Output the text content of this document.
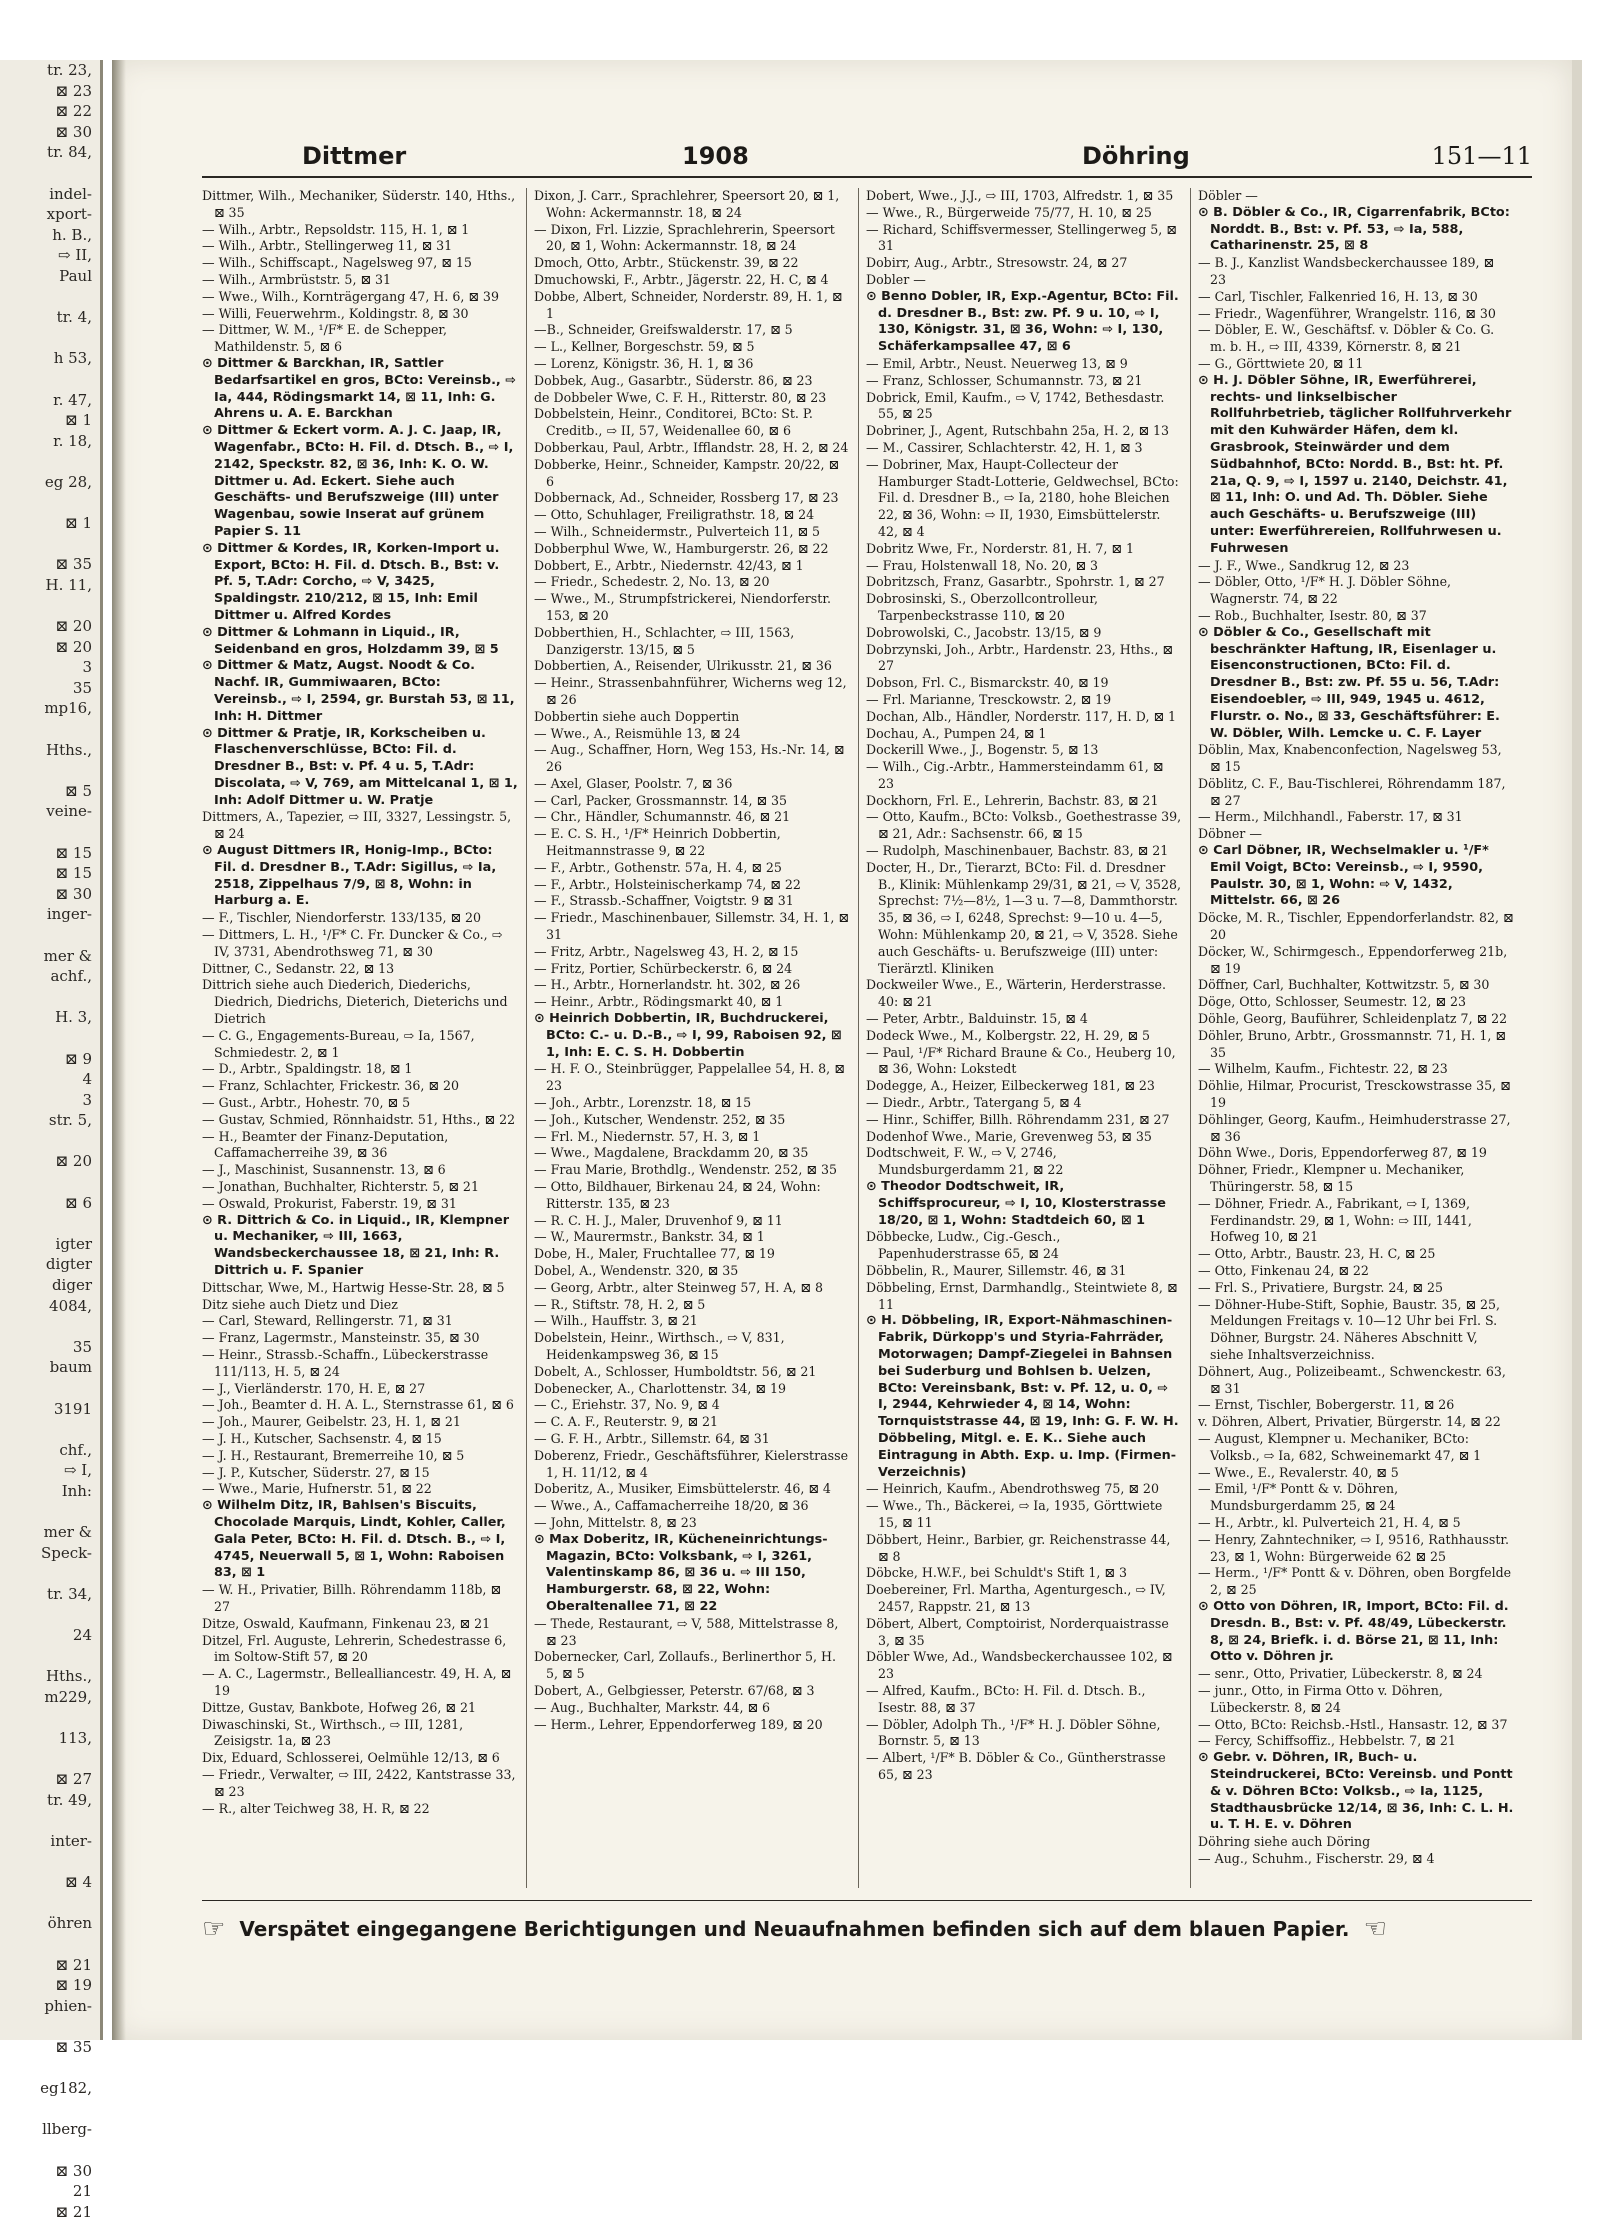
tr. 23,
⊠ 23
⊠ 22
⊠ 30
tr. 84,

indel-
xport-
h. B.,
⇨ II,
Paul

tr. 4,

h 53,

r. 47,
⊠ 1
r. 18,

eg 28,

⊠ 1

⊠ 35
H. 11,

⊠ 20
⊠ 20
3
35
mp16,

Hths.,

⊠ 5
veine-

⊠ 15
⊠ 15
⊠ 30
inger-

mer &
achf.,

H. 3,

⊠ 9
4
3
str. 5,

⊠ 20

⊠ 6

igter
digter
diger
4084,

35
baum

3191

chf.,
⇨ I,
Inh:

mer &
Speck-

tr. 34,

24

Hths.,
m229,

113,

⊠ 27
tr. 49,

inter-

⊠ 4

öhren

⊠ 21
⊠ 19
phien-

⊠ 35

eg182,

llberg-

⊠ 30
21
⊠ 21
Dittmer	1908	Döhring	151—11

Dittmer, Wilh., Mechaniker, Süderstr. 140, Hths., ⊠ 35

— Wilh., Arbtr., Repsoldstr. 115, H. 1, ⊠ 1

— Wilh., Arbtr., Stellingerweg 11, ⊠ 31

— Wilh., Schiffscapt., Nagelsweg 97, ⊠ 15

— Wilh., Armbrüststr. 5, ⊠ 31

— Wwe., Wilh., Kornträgergang 47, H. 6, ⊠ 39

— Willi, Feuerwehrm., Koldingstr. 8, ⊠ 30

— Dittmer, W. M., ¹/F* E. de Schepper, Mathildenstr. 5, ⊠ 6

⊙ Dittmer & Barckhan, IR, Sattler Bedarfsartikel en gros, BCto: Vereinsb., ⇨ Ia, 444, Rödingsmarkt 14, ⊠ 11, Inh: G. Ahrens u. A. E. Barckhan

⊙ Dittmer & Eckert vorm. A. J. C. Jaap, IR, Wagenfabr., BCto: H. Fil. d. Dtsch. B., ⇨ I, 2142, Speckstr. 82, ⊠ 36, Inh: K. O. W. Dittmer u. Ad. Eckert. Siehe auch Geschäfts- und Berufszweige (III) unter Wagenbau, sowie Inserat auf grünem Papier S. 11

⊙ Dittmer & Kordes, IR, Korken-Import u. Export, BCto: H. Fil. d. Dtsch. B., Bst: v. Pf. 5, T.Adr: Corcho, ⇨ V, 3425, Spaldingstr. 210/212, ⊠ 15, Inh: Emil Dittmer u. Alfred Kordes

⊙ Dittmer & Lohmann in Liquid., IR, Seidenband en gros, Holzdamm 39, ⊠ 5

⊙ Dittmer & Matz, Augst. Noodt & Co. Nachf. IR, Gummiwaaren, BCto: Vereinsb., ⇨ I, 2594, gr. Burstah 53, ⊠ 11, Inh: H. Dittmer

⊙ Dittmer & Pratje, IR, Korkscheiben u. Flaschenverschlüsse, BCto: Fil. d. Dresdner B., Bst: v. Pf. 4 u. 5, T.Adr: Discolata, ⇨ V, 769, am Mittelcanal 1, ⊠ 1, Inh: Adolf Dittmer u. W. Pratje

Dittmers, A., Tapezier, ⇨ III, 3327, Lessingstr. 5, ⊠ 24

⊙ August Dittmers IR, Honig-Imp., BCto: Fil. d. Dresdner B., T.Adr: Sigillus, ⇨ Ia, 2518, Zippelhaus 7/9, ⊠ 8, Wohn: in Harburg a. E.

— F., Tischler, Niendorferstr. 133/135, ⊠ 20

— Dittmers, L. H., ¹/F* C. Fr. Duncker & Co., ⇨ IV, 3731, Abendrothsweg 71, ⊠ 30

Dittner, C., Sedanstr. 22, ⊠ 13

Dittrich siehe auch Diederich, Diederichs, Diedrich, Diedrichs, Dieterich, Dieterichs und Dietrich

— C. G., Engagements-Bureau, ⇨ Ia, 1567, Schmiedestr. 2, ⊠ 1

— D., Arbtr., Spaldingstr. 18, ⊠ 1

— Franz, Schlachter, Frickestr. 36, ⊠ 20

— Gust., Arbtr., Hohestr. 70, ⊠ 5

— Gustav, Schmied, Rönnhaidstr. 51, Hths., ⊠ 22

— H., Beamter der Finanz-Deputation, Caffamacherreihe 39, ⊠ 36

— J., Maschinist, Susannenstr. 13, ⊠ 6

— Jonathan, Buchhalter, Richterstr. 5, ⊠ 21

— Oswald, Prokurist, Faberstr. 19, ⊠ 31

⊙ R. Dittrich & Co. in Liquid., IR, Klempner u. Mechaniker, ⇨ III, 1663, Wandsbeckerchaussee 18, ⊠ 21, Inh: R. Dittrich u. F. Spanier

Dittschar, Wwe, M., Hartwig Hesse-Str. 28, ⊠ 5

Ditz siehe auch Dietz und Diez

— Carl, Steward, Rellingerstr. 71, ⊠ 31

— Franz, Lagermstr., Mansteinstr. 35, ⊠ 30

— Heinr., Strassb.-Schaffn., Lübeckerstrasse 111/113, H. 5, ⊠ 24

— J., Vierländerstr. 170, H. E, ⊠ 27

— Joh., Beamter d. H. A. L., Sternstrasse 61, ⊠ 6

— Joh., Maurer, Geibelstr. 23, H. 1, ⊠ 21

— J. H., Kutscher, Sachsenstr. 4, ⊠ 15

— J. H., Restaurant, Bremerreihe 10, ⊠ 5

— J. P., Kutscher, Süderstr. 27, ⊠ 15

— Wwe., Marie, Hufnerstr. 51, ⊠ 22

⊙ Wilhelm Ditz, IR, Bahlsen's Biscuits, Chocolade Marquis, Lindt, Kohler, Caller, Gala Peter, BCto: H. Fil. d. Dtsch. B., ⇨ I, 4745, Neuerwall 5, ⊠ 1, Wohn: Raboisen 83, ⊠ 1

— W. H., Privatier, Billh. Röhrendamm 118b, ⊠ 27

Ditze, Oswald, Kaufmann, Finkenau 23, ⊠ 21

Ditzel, Frl. Auguste, Lehrerin, Schedestrasse 6, im Soltow-Stift 57, ⊠ 20

— A. C., Lagermstr., Bellealliancestr. 49, H. A, ⊠ 19

Dittze, Gustav, Bankbote, Hofweg 26, ⊠ 21

Diwaschinski, St., Wirthsch., ⇨ III, 1281, Zeisigstr. 1a, ⊠ 23

Dix, Eduard, Schlosserei, Oelmühle 12/13, ⊠ 6

— Friedr., Verwalter, ⇨ III, 2422, Kantstrasse 33, ⊠ 23

— R., alter Teichweg 38, H. R, ⊠ 22

Dixon, J. Carr., Sprachlehrer, Speersort 20, ⊠ 1, Wohn: Ackermannstr. 18, ⊠ 24

— Dixon, Frl. Lizzie, Sprachlehrerin, Speersort 20, ⊠ 1, Wohn: Ackermannstr. 18, ⊠ 24

Dmoch, Otto, Arbtr., Stückenstr. 39, ⊠ 22

Dmuchowski, F., Arbtr., Jägerstr. 22, H. C, ⊠ 4

Dobbe, Albert, Schneider, Norderstr. 89, H. 1, ⊠ 1

—B., Schneider, Greifswalderstr. 17, ⊠ 5

— L., Kellner, Borgeschstr. 59, ⊠ 5

— Lorenz, Königstr. 36, H. 1, ⊠ 36

Dobbek, Aug., Gasarbtr., Süderstr. 86, ⊠ 23

de Dobbeler Wwe, C. F. H., Ritterstr. 80, ⊠ 23

Dobbelstein, Heinr., Conditorei, BCto: St. P. Creditb., ⇨ II, 57, Weidenallee 60, ⊠ 6

Dobberkau, Paul, Arbtr., Ifflandstr. 28, H. 2, ⊠ 24

Dobberke, Heinr., Schneider, Kampstr. 20/22, ⊠ 6

Dobbernack, Ad., Schneider, Rossberg 17, ⊠ 23

— Otto, Schuhlager, Freiligrathstr. 18, ⊠ 24

— Wilh., Schneidermstr., Pulverteich 11, ⊠ 5

Dobberphul Wwe, W., Hamburgerstr. 26, ⊠ 22

Dobbert, E., Arbtr., Niedernstr. 42/43, ⊠ 1

— Friedr., Schedestr. 2, No. 13, ⊠ 20

— Wwe., M., Strumpfstrickerei, Niendorferstr. 153, ⊠ 20

Dobberthien, H., Schlachter, ⇨ III, 1563, Danzigerstr. 13/15, ⊠ 5

Dobbertien, A., Reisender, Ulrikusstr. 21, ⊠ 36

— Heinr., Strassenbahnführer, Wicherns weg 12, ⊠ 26

Dobbertin siehe auch Doppertin

— Wwe., A., Reismühle 13, ⊠ 24

— Aug., Schaffner, Horn, Weg 153, Hs.-Nr. 14, ⊠ 26

— Axel, Glaser, Poolstr. 7, ⊠ 36

— Carl, Packer, Grossmannstr. 14, ⊠ 35

— Chr., Händler, Schumannstr. 46, ⊠ 21

— E. C. S. H., ¹/F* Heinrich Dobbertin, Heitmannstrasse 9, ⊠ 22

— F., Arbtr., Gothenstr. 57a, H. 4, ⊠ 25

— F., Arbtr., Holsteinischerkamp 74, ⊠ 22

— F., Strassb.-Schaffner, Voigtstr. 9 ⊠ 31

— Friedr., Maschinenbauer, Sillemstr. 34, H. 1, ⊠ 31

— Fritz, Arbtr., Nagelsweg 43, H. 2, ⊠ 15

— Fritz, Portier, Schürbeckerstr. 6, ⊠ 24

— H., Arbtr., Hornerlandstr. ht. 302, ⊠ 26

— Heinr., Arbtr., Rödingsmarkt 40, ⊠ 1

⊙ Heinrich Dobbertin, IR, Buchdruckerei, BCto: C.- u. D.-B., ⇨ I, 99, Raboisen 92, ⊠ 1, Inh: E. C. S. H. Dobbertin

— H. F. O., Steinbrügger, Pappelallee 54, H. 8, ⊠ 23

— Joh., Arbtr., Lorenzstr. 18, ⊠ 15

— Joh., Kutscher, Wendenstr. 252, ⊠ 35

— Frl. M., Niedernstr. 57, H. 3, ⊠ 1

— Wwe., Magdalene, Brackdamm 20, ⊠ 35

— Frau Marie, Brothdlg., Wendenstr. 252, ⊠ 35

— Otto, Bildhauer, Birkenau 24, ⊠ 24, Wohn: Ritterstr. 135, ⊠ 23

— R. C. H. J., Maler, Druvenhof 9, ⊠ 11

— W., Maurermstr., Bankstr. 34, ⊠ 1

Dobe, H., Maler, Fruchtallee 77, ⊠ 19

Dobel, A., Wendenstr. 320, ⊠ 35

— Georg, Arbtr., alter Steinweg 57, H. A, ⊠ 8

— R., Stiftstr. 78, H. 2, ⊠ 5

— Wilh., Hauffstr. 3, ⊠ 21

Dobelstein, Heinr., Wirthsch., ⇨ V, 831, Heidenkampsweg 36, ⊠ 15

Dobelt, A., Schlosser, Humboldtstr. 56, ⊠ 21

Dobenecker, A., Charlottenstr. 34, ⊠ 19

— C., Eriehstr. 37, No. 9, ⊠ 4

— C. A. F., Reuterstr. 9, ⊠ 21

— G. F. H., Arbtr., Sillemstr. 64, ⊠ 31

Doberenz, Friedr., Geschäftsführer, Kielerstrasse 1, H. 11/12, ⊠ 4

Doberitz, A., Musiker, Eimsbüttelerstr. 46, ⊠ 4

— Wwe., A., Caffamacherreihe 18/20, ⊠ 36

— John, Mittelstr. 8, ⊠ 23

⊙ Max Doberitz, IR, Kücheneinrichtungs-Magazin, BCto: Volksbank, ⇨ I, 3261, Valentinskamp 86, ⊠ 36 u. ⇨ III 150, Hamburgerstr. 68, ⊠ 22, Wohn: Oberaltenallee 71, ⊠ 22

— Thede, Restaurant, ⇨ V, 588, Mittelstrasse 8, ⊠ 23

Dobernecker, Carl, Zollaufs., Berlinerthor 5, H. 5, ⊠ 5

Dobert, A., Gelbgiesser, Peterstr. 67/68, ⊠ 3

— Aug., Buchhalter, Markstr. 44, ⊠ 6

— Herm., Lehrer, Eppendorferweg 189, ⊠ 20

Dobert, Wwe., J.J., ⇨ III, 1703, Alfredstr. 1, ⊠ 35

— Wwe., R., Bürgerweide 75/77, H. 10, ⊠ 25

— Richard, Schiffsvermesser, Stellingerweg 5, ⊠ 31

Dobirr, Aug., Arbtr., Stresowstr. 24, ⊠ 27

Dobler —

⊙ Benno Dobler, IR, Exp.-Agentur, BCto: Fil. d. Dresdner B., Bst: zw. Pf. 9 u. 10, ⇨ I, 130, Königstr. 31, ⊠ 36, Wohn: ⇨ I, 130, Schäferkampsallee 47, ⊠ 6

— Emil, Arbtr., Neust. Neuerweg 13, ⊠ 9

— Franz, Schlosser, Schumannstr. 73, ⊠ 21

Dobrick, Emil, Kaufm., ⇨ V, 1742, Bethesdastr. 55, ⊠ 25

Dobriner, J., Agent, Rutschbahn 25a, H. 2, ⊠ 13

— M., Cassirer, Schlachterstr. 42, H. 1, ⊠ 3

— Dobriner, Max, Haupt-Collecteur der Hamburger Stadt-Lotterie, Geldwechsel, BCto: Fil. d. Dresdner B., ⇨ Ia, 2180, hohe Bleichen 22, ⊠ 36, Wohn: ⇨ II, 1930, Eimsbüttelerstr. 42, ⊠ 4

Dobritz Wwe, Fr., Norderstr. 81, H. 7, ⊠ 1

— Frau, Holstenwall 18, No. 20, ⊠ 3

Dobritzsch, Franz, Gasarbtr., Spohrstr. 1, ⊠ 27

Dobrosinski, S., Oberzollcontrolleur, Tarpenbeckstrasse 110, ⊠ 20

Dobrowolski, C., Jacobstr. 13/15, ⊠ 9

Dobrzynski, Joh., Arbtr., Hardenstr. 23, Hths., ⊠ 27

Dobson, Frl. C., Bismarckstr. 40, ⊠ 19

— Frl. Marianne, Tresckowstr. 2, ⊠ 19

Dochan, Alb., Händler, Norderstr. 117, H. D, ⊠ 1

Dochau, A., Pumpen 24, ⊠ 1

Dockerill Wwe., J., Bogenstr. 5, ⊠ 13

— Wilh., Cig.-Arbtr., Hammersteindamm 61, ⊠ 23

Dockhorn, Frl. E., Lehrerin, Bachstr. 83, ⊠ 21

— Otto, Kaufm., BCto: Volksb., Goethestrasse 39, ⊠ 21, Adr.: Sachsenstr. 66, ⊠ 15

— Rudolph, Maschinenbauer, Bachstr. 83, ⊠ 21

Docter, H., Dr., Tierarzt, BCto: Fil. d. Dresdner B., Klinik: Mühlenkamp 29/31, ⊠ 21, ⇨ V, 3528, Sprechst: 7½—8½, 1—3 u. 7—8, Dammthorstr. 35, ⊠ 36, ⇨ I, 6248, Sprechst: 9—10 u. 4—5, Wohn: Mühlenkamp 20, ⊠ 21, ⇨ V, 3528. Siehe auch Geschäfts- u. Berufszweige (III) unter: Tierärztl. Kliniken

Dockweiler Wwe., E., Wärterin, Herderstrasse. 40: ⊠ 21

— Peter, Arbtr., Balduinstr. 15, ⊠ 4

Dodeck Wwe., M., Kolbergstr. 22, H. 29, ⊠ 5

— Paul, ¹/F* Richard Braune & Co., Heuberg 10, ⊠ 36, Wohn: Lokstedt

Dodegge, A., Heizer, Eilbeckerweg 181, ⊠ 23

— Diedr., Arbtr., Tatergang 5, ⊠ 4

— Hinr., Schiffer, Billh. Röhrendamm 231, ⊠ 27

Dodenhof Wwe., Marie, Grevenweg 53, ⊠ 35

Dodtschweit, F. W., ⇨ V, 2746, Mundsburgerdamm 21, ⊠ 22

⊙ Theodor Dodtschweit, IR, Schiffsprocureur, ⇨ I, 10, Klosterstrasse 18/20, ⊠ 1, Wohn: Stadtdeich 60, ⊠ 1

Döbbecke, Ludw., Cig.-Gesch., Papenhuderstrasse 65, ⊠ 24

Döbbelin, R., Maurer, Sillemstr. 46, ⊠ 31

Döbbeling, Ernst, Darmhandlg., Steintwiete 8, ⊠ 11

⊙ H. Döbbeling, IR, Export-Nähmaschinen-Fabrik, Dürkopp's und Styria-Fahrräder, Motorwagen; Dampf-Ziegelei in Bahnsen bei Suderburg und Bohlsen b. Uelzen, BCto: Vereinsbank, Bst: v. Pf. 12, u. 0, ⇨ I, 2944, Kehrwieder 4, ⊠ 14, Wohn: Tornquiststrasse 44, ⊠ 19, Inh: G. F. W. H. Döbbeling, Mitgl. e. E. K.. Siehe auch Eintragung in Abth. Exp. u. Imp. (Firmen-Verzeichnis)

— Heinrich, Kaufm., Abendrothsweg 75, ⊠ 20

— Wwe., Th., Bäckerei, ⇨ Ia, 1935, Görttwiete 15, ⊠ 11

Döbbert, Heinr., Barbier, gr. Reichenstrasse 44, ⊠ 8

Döbcke, H.W.F., bei Schuldt's Stift 1, ⊠ 3

Doebereiner, Frl. Martha, Agenturgesch., ⇨ IV, 2457, Rappstr. 21, ⊠ 13

Döbert, Albert, Comptoirist, Norderquaistrasse 3, ⊠ 35

Döbler Wwe, Ad., Wandsbeckerchaussee 102, ⊠ 23

— Alfred, Kaufm., BCto: H. Fil. d. Dtsch. B., Isestr. 88, ⊠ 37

— Döbler, Adolph Th., ¹/F* H. J. Döbler Söhne, Bornstr. 5, ⊠ 13

— Albert, ¹/F* B. Döbler & Co., Güntherstrasse 65, ⊠ 23

Döbler —

⊙ B. Döbler & Co., IR, Cigarrenfabrik, BCto: Norddt. B., Bst: v. Pf. 53, ⇨ Ia, 588, Catharinenstr. 25, ⊠ 8

— B. J., Kanzlist Wandsbeckerchaussee 189, ⊠ 23

— Carl, Tischler, Falkenried 16, H. 13, ⊠ 30

— Friedr., Wagenführer, Wrangelstr. 116, ⊠ 30

— Döbler, E. W., Geschäftsf. v. Döbler & Co. G. m. b. H., ⇨ III, 4339, Körnerstr. 8, ⊠ 21

— G., Görttwiete 20, ⊠ 11

⊙ H. J. Döbler Söhne, IR, Ewerführerei, rechts- und linkselbischer Rollfuhrbetrieb, täglicher Rollfuhrverkehr mit den Kuhwärder Häfen, dem kl. Grasbrook, Steinwärder und dem Südbahnhof, BCto: Nordd. B., Bst: ht. Pf. 21a, Q. 9, ⇨ I, 1597 u. 2140, Deichstr. 41, ⊠ 11, Inh: O. und Ad. Th. Döbler. Siehe auch Geschäfts- u. Berufszweige (III) unter: Ewerführereien, Rollfuhrwesen u. Fuhrwesen

— J. F., Wwe., Sandkrug 12, ⊠ 23

— Döbler, Otto, ¹/F* H. J. Döbler Söhne, Wagnerstr. 74, ⊠ 22

— Rob., Buchhalter, Isestr. 80, ⊠ 37

⊙ Döbler & Co., Gesellschaft mit beschränkter Haftung, IR, Eisenlager u. Eisenconstructionen, BCto: Fil. d. Dresdner B., Bst: zw. Pf. 55 u. 56, T.Adr: Eisendoebler, ⇨ III, 949, 1945 u. 4612, Flurstr. o. No., ⊠ 33, Geschäftsführer: E. W. Döbler, Wilh. Lemcke u. C. F. Layer

Döblin, Max, Knabenconfection, Nagelsweg 53, ⊠ 15

Döblitz, C. F., Bau-Tischlerei, Röhrendamm 187, ⊠ 27

— Herm., Milchhandl., Faberstr. 17, ⊠ 31

Döbner —

⊙ Carl Döbner, IR, Wechselmakler u. ¹/F* Emil Voigt, BCto: Vereinsb., ⇨ I, 9590, Paulstr. 30, ⊠ 1, Wohn: ⇨ V, 1432, Mittelstr. 66, ⊠ 26

Döcke, M. R., Tischler, Eppendorferlandstr. 82, ⊠ 20

Döcker, W., Schirmgesch., Eppendorferweg 21b, ⊠ 19

Döffner, Carl, Buchhalter, Kottwitzstr. 5, ⊠ 30

Döge, Otto, Schlosser, Seumestr. 12, ⊠ 23

Döhle, Georg, Bauführer, Schleidenplatz 7, ⊠ 22

Döhler, Bruno, Arbtr., Grossmannstr. 71, H. 1, ⊠ 35

— Wilhelm, Kaufm., Fichtestr. 22, ⊠ 23

Döhlie, Hilmar, Procurist, Tresckowstrasse 35, ⊠ 19

Döhlinger, Georg, Kaufm., Heimhuderstrasse 27, ⊠ 36

Döhn Wwe., Doris, Eppendorferweg 87, ⊠ 19

Döhner, Friedr., Klempner u. Mechaniker, Thüringerstr. 58, ⊠ 15

— Döhner, Friedr. A., Fabrikant, ⇨ I, 1369, Ferdinandstr. 29, ⊠ 1, Wohn: ⇨ III, 1441, Hofweg 10, ⊠ 21

— Otto, Arbtr., Baustr. 23, H. C, ⊠ 25

— Otto, Finkenau 24, ⊠ 22

— Frl. S., Privatiere, Burgstr. 24, ⊠ 25

— Döhner-Hube-Stift, Sophie, Baustr. 35, ⊠ 25, Meldungen Freitags v. 10—12 Uhr bei Frl. S. Döhner, Burgstr. 24. Näheres Abschnitt V, siehe Inhaltsverzeichniss.

Döhnert, Aug., Polizeibeamt., Schwenckestr. 63, ⊠ 31

— Ernst, Tischler, Bobergerstr. 11, ⊠ 26

v. Döhren, Albert, Privatier, Bürgerstr. 14, ⊠ 22

— August, Klempner u. Mechaniker, BCto: Volksb., ⇨ Ia, 682, Schweinemarkt 47, ⊠ 1

— Wwe., E., Revalerstr. 40, ⊠ 5

— Emil, ¹/F* Pontt & v. Döhren, Mundsburgerdamm 25, ⊠ 24

— H., Arbtr., kl. Pulverteich 21, H. 4, ⊠ 5

— Henry, Zahntechniker, ⇨ I, 9516, Rathhausstr. 23, ⊠ 1, Wohn: Bürgerweide 62 ⊠ 25

— Herm., ¹/F* Pontt & v. Döhren, oben Borgfelde 2, ⊠ 25

⊙ Otto von Döhren, IR, Import, BCto: Fil. d. Dresdn. B., Bst: v. Pf. 48/49, Lübeckerstr. 8, ⊠ 24, Briefk. i. d. Börse 21, ⊠ 11, Inh: Otto v. Döhren jr.

— senr., Otto, Privatier, Lübeckerstr. 8, ⊠ 24

— junr., Otto, in Firma Otto v. Döhren, Lübeckerstr. 8, ⊠ 24

— Otto, BCto: Reichsb.-Hstl., Hansastr. 12, ⊠ 37

— Fercy, Schiffsoffiz., Hebbelstr. 7, ⊠ 21

⊙ Gebr. v. Döhren, IR, Buch- u. Steindruckerei, BCto: Vereinsb. und Pontt & v. Döhren BCto: Volksb., ⇨ Ia, 1125, Stadthausbrücke 12/14, ⊠ 36, Inh: C. L. H. u. T. H. E. v. Döhren

Döhring siehe auch Döring

— Aug., Schuhm., Fischerstr. 29, ⊠ 4

☞ Verspätet eingegangene Berichtigungen und Neuaufnahmen befinden sich auf dem blauen Papier. ☜
